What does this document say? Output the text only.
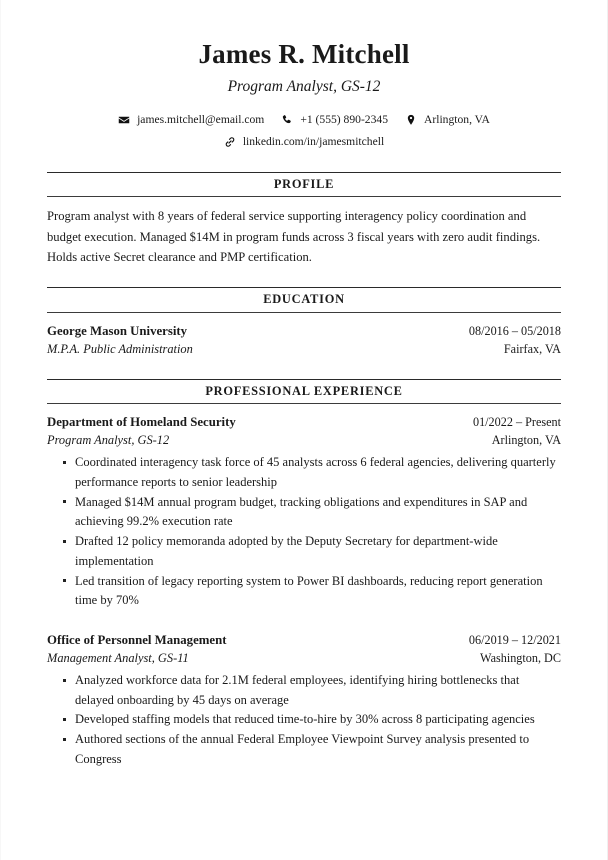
James R. Mitchell
Program Analyst, GS-12
james.mitchell@email.com	+1 (555) 890-2345	Arlington, VA
linkedin.com/in/jamesmitchell
PROFILE
Program analyst with 8 years of federal service supporting interagency policy coordination and budget execution. Managed $14M in program funds across 3 fiscal years with zero audit findings. Holds active Secret clearance and PMP certification.
EDUCATION
George Mason University	08/2016 – 05/2018
M.P.A. Public Administration	Fairfax, VA
PROFESSIONAL EXPERIENCE
Department of Homeland Security	01/2022 – Present
Program Analyst, GS-12	Arlington, VA
Coordinated interagency task force of 45 analysts across 6 federal agencies, delivering quarterly performance reports to senior leadership
Managed $14M annual program budget, tracking obligations and expenditures in SAP and achieving 99.2% execution rate
Drafted 12 policy memoranda adopted by the Deputy Secretary for department-wide implementation
Led transition of legacy reporting system to Power BI dashboards, reducing report generation time by 70%
Office of Personnel Management	06/2019 – 12/2021
Management Analyst, GS-11	Washington, DC
Analyzed workforce data for 2.1M federal employees, identifying hiring bottlenecks that delayed onboarding by 45 days on average
Developed staffing models that reduced time-to-hire by 30% across 8 participating agencies
Authored sections of the annual Federal Employee Viewpoint Survey analysis presented to Congress
